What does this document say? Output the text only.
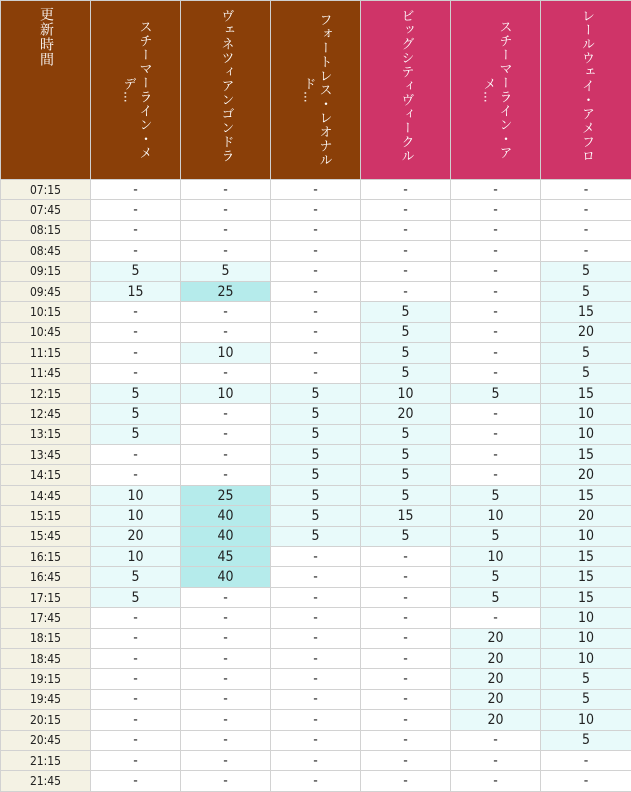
更新時間	スチーマーライン・メデ…	ヴェネツィアンゴンドラ	フォートレス・レオナルド…	ビッグシティヴィークル	スチーマーライン・アメ…	レールウェイ・アメフロ

07:15	-	-	-	-	-	-
07:45	-	-	-	-	-	-
08:15	-	-	-	-	-	-
08:45	-	-	-	-	-	-
09:15	5	5	-	-	-	5
09:45	15	25	-	-	-	5
10:15	-	-	-	5	-	15
10:45	-	-	-	5	-	20
11:15	-	10	-	5	-	5
11:45	-	-	-	5	-	5
12:15	5	10	5	10	5	15
12:45	5	-	5	20	-	10
13:15	5	-	5	5	-	10
13:45	-	-	5	5	-	15
14:15	-	-	5	5	-	20
14:45	10	25	5	5	5	15
15:15	10	40	5	15	10	20
15:45	20	40	5	5	5	10
16:15	10	45	-	-	10	15
16:45	5	40	-	-	5	15
17:15	5	-	-	-	5	15
17:45	-	-	-	-	-	10
18:15	-	-	-	-	20	10
18:45	-	-	-	-	20	10
19:15	-	-	-	-	20	5
19:45	-	-	-	-	20	5
20:15	-	-	-	-	20	10
20:45	-	-	-	-	-	5
21:15	-	-	-	-	-	-
21:45	-	-	-	-	-	-
